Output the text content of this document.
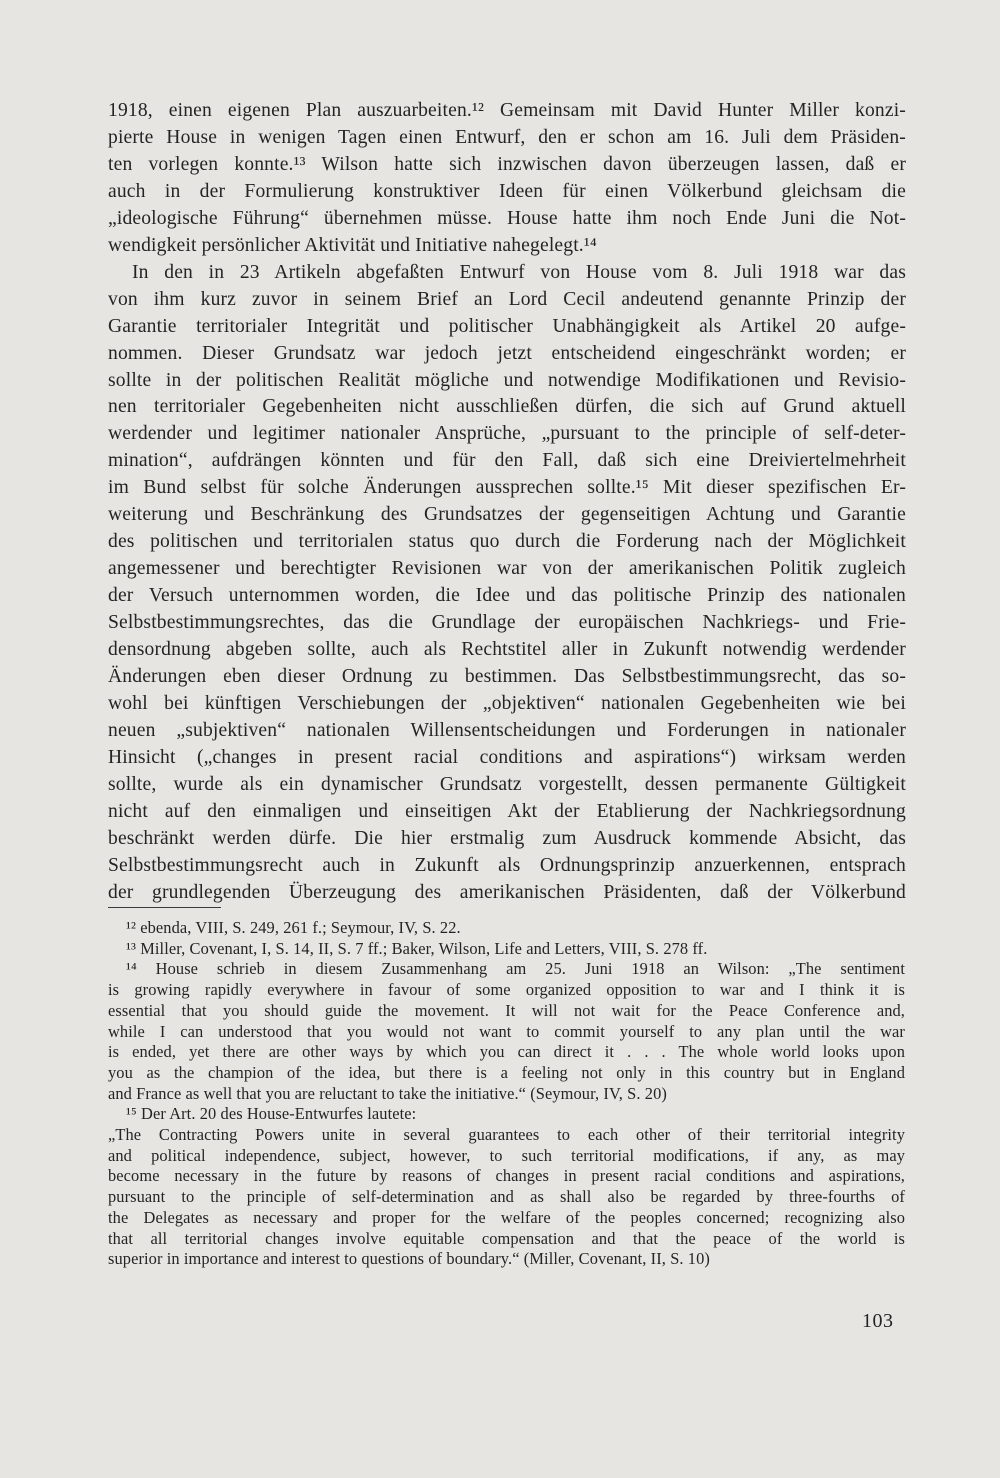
1918, einen eigenen Plan auszuarbeiten.¹² Gemeinsam mit David Hunter Miller konzi-
pierte House in wenigen Tagen einen Entwurf, den er schon am 16. Juli dem Präsiden-
ten vorlegen konnte.¹³ Wilson hatte sich inzwischen davon überzeugen lassen, daß er
auch in der Formulierung konstruktiver Ideen für einen Völkerbund gleichsam die
„ideologische Führung“ übernehmen müsse. House hatte ihm noch Ende Juni die Not-
wendigkeit persönlicher Aktivität und Initiative nahegelegt.¹⁴

In den in 23 Artikeln abgefaßten Entwurf von House vom 8. Juli 1918 war das
von ihm kurz zuvor in seinem Brief an Lord Cecil andeutend genannte Prinzip der
Garantie territorialer Integrität und politischer Unabhängigkeit als Artikel 20 aufge-
nommen. Dieser Grundsatz war jedoch jetzt entscheidend eingeschränkt worden; er
sollte in der politischen Realität mögliche und notwendige Modifikationen und Revisio-
nen territorialer Gegebenheiten nicht ausschließen dürfen, die sich auf Grund aktuell
werdender und legitimer nationaler Ansprüche, „pursuant to the principle of self-deter-
mination“, aufdrängen könnten und für den Fall, daß sich eine Dreiviertelmehrheit
im Bund selbst für solche Änderungen aussprechen sollte.¹⁵ Mit dieser spezifischen Er-
weiterung und Beschränkung des Grundsatzes der gegenseitigen Achtung und Garantie
des politischen und territorialen status quo durch die Forderung nach der Möglichkeit
angemessener und berechtigter Revisionen war von der amerikanischen Politik zugleich
der Versuch unternommen worden, die Idee und das politische Prinzip des nationalen
Selbstbestimmungsrechtes, das die Grundlage der europäischen Nachkriegs- und Frie-
densordnung abgeben sollte, auch als Rechtstitel aller in Zukunft notwendig werdender
Änderungen eben dieser Ordnung zu bestimmen. Das Selbstbestimmungsrecht, das so-
wohl bei künftigen Verschiebungen der „objektiven“ nationalen Gegebenheiten wie bei
neuen „subjektiven“ nationalen Willensentscheidungen und Forderungen in nationaler
Hinsicht („changes in present racial conditions and aspirations“) wirksam werden
sollte, wurde als ein dynamischer Grundsatz vorgestellt, dessen permanente Gültigkeit
nicht auf den einmaligen und einseitigen Akt der Etablierung der Nachkriegsordnung
beschränkt werden dürfe. Die hier erstmalig zum Ausdruck kommende Absicht, das
Selbstbestimmungsrecht auch in Zukunft als Ordnungsprinzip anzuerkennen, entsprach
der grundlegenden Überzeugung des amerikanischen Präsidenten, daß der Völkerbund

¹² ebenda, VIII, S. 249, 261 f.; Seymour, IV, S. 22.
¹³ Miller, Covenant, I, S. 14, II, S. 7 ff.; Baker, Wilson, Life and Letters, VIII, S. 278 ff.
¹⁴ House schrieb in diesem Zusammenhang am 25. Juni 1918 an Wilson: „The sentiment
is growing rapidly everywhere in favour of some organized opposition to war and I think it is
essential that you should guide the movement. It will not wait for the Peace Conference and,
while I can understood that you would not want to commit yourself to any plan until the war
is ended, yet there are other ways by which you can direct it . . . The whole world looks upon
you as the champion of the idea, but there is a feeling not only in this country but in England
and France as well that you are reluctant to take the initiative.“ (Seymour, IV, S. 20)
¹⁵ Der Art. 20 des House-Entwurfes lautete:
„The Contracting Powers unite in several guarantees to each other of their territorial integrity
and political independence, subject, however, to such territorial modifications, if any, as may
become necessary in the future by reasons of changes in present racial conditions and aspirations,
pursuant to the principle of self-determination and as shall also be regarded by three-fourths of
the Delegates as necessary and proper for the welfare of the peoples concerned; recognizing also
that all territorial changes involve equitable compensation and that the peace of the world is
superior in importance and interest to questions of boundary.“ (Miller, Covenant, II, S. 10)
103
